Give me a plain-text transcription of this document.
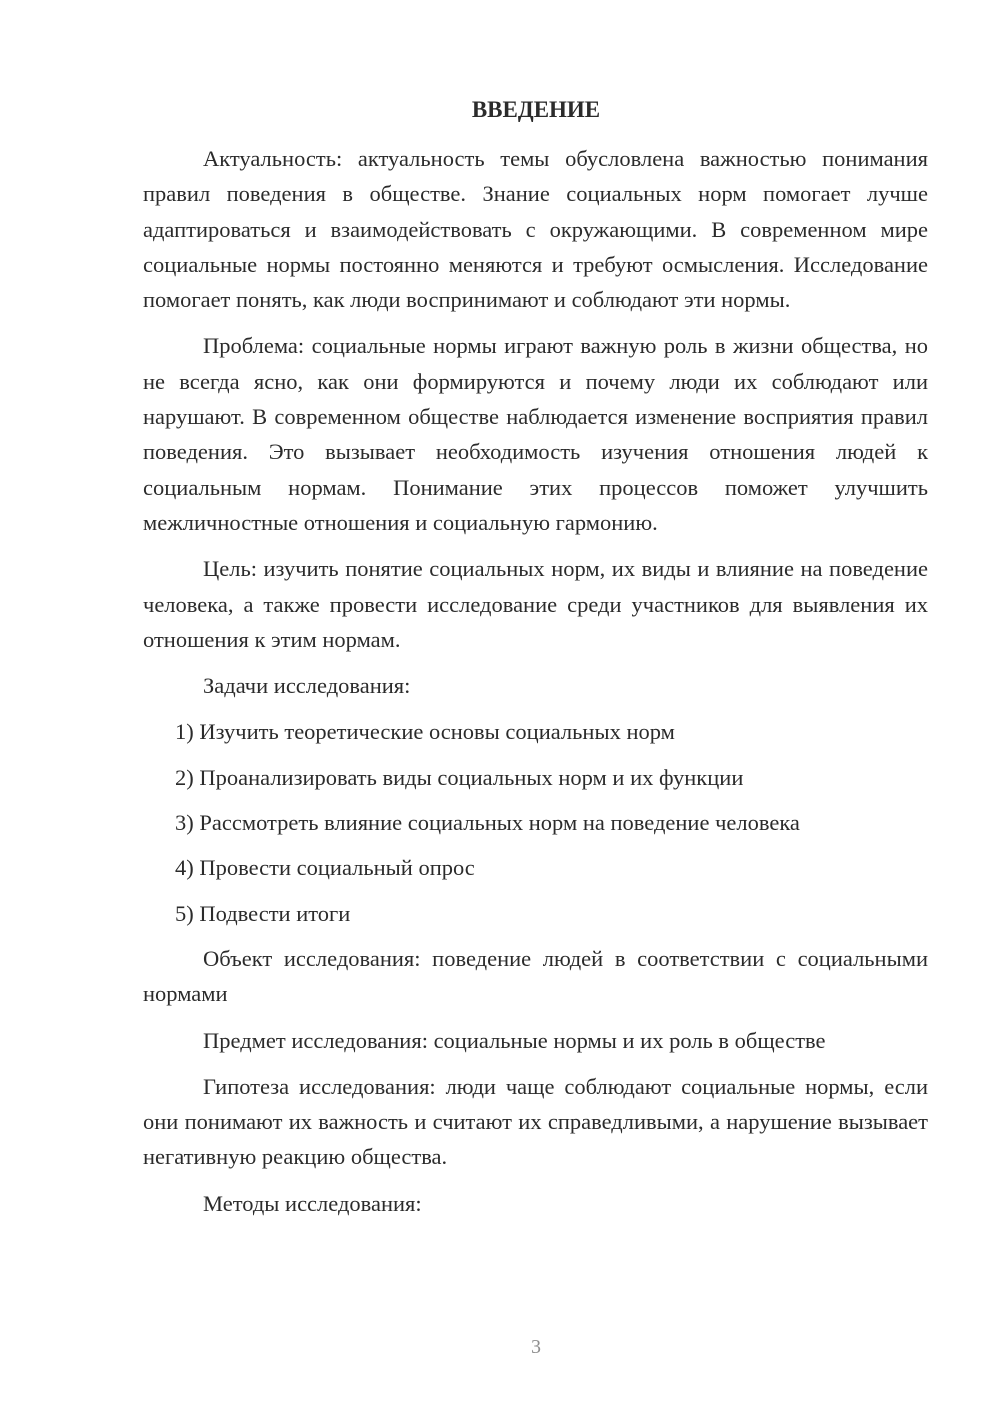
ВВЕДЕНИЕ

Актуальность: актуальность темы обусловлена важностью понимания правил поведения в обществе. Знание социальных норм помогает лучше адаптироваться и взаимодействовать с окружающими. В современном мире социальные нормы постоянно меняются и требуют осмысления. Исследование помогает понять, как люди воспринимают и соблюдают эти нормы.

Проблема: социальные нормы играют важную роль в жизни общества, но не всегда ясно, как они формируются и почему люди их соблюдают или нарушают. В современном обществе наблюдается изменение восприятия правил поведения. Это вызывает необходимость изучения отношения людей к социальным нормам. Понимание этих процессов поможет улучшить межличностные отношения и социальную гармонию.

Цель: изучить понятие социальных норм, их виды и влияние на поведение человека, а также провести исследование среди участников для выявления их отношения к этим нормам.

Задачи исследования:

1) Изучить теоретические основы социальных норм

2) Проанализировать виды социальных норм и их функции

3) Рассмотреть влияние социальных норм на поведение человека

4) Провести социальный опрос

5) Подвести итоги

Объект исследования: поведение людей в соответствии с социальными нормами

Предмет исследования: социальные нормы и их роль в обществе

Гипотеза исследования: люди чаще соблюдают социальные нормы, если они понимают их важность и считают их справедливыми, а нарушение вызывает негативную реакцию общества.

Методы исследования:

3
